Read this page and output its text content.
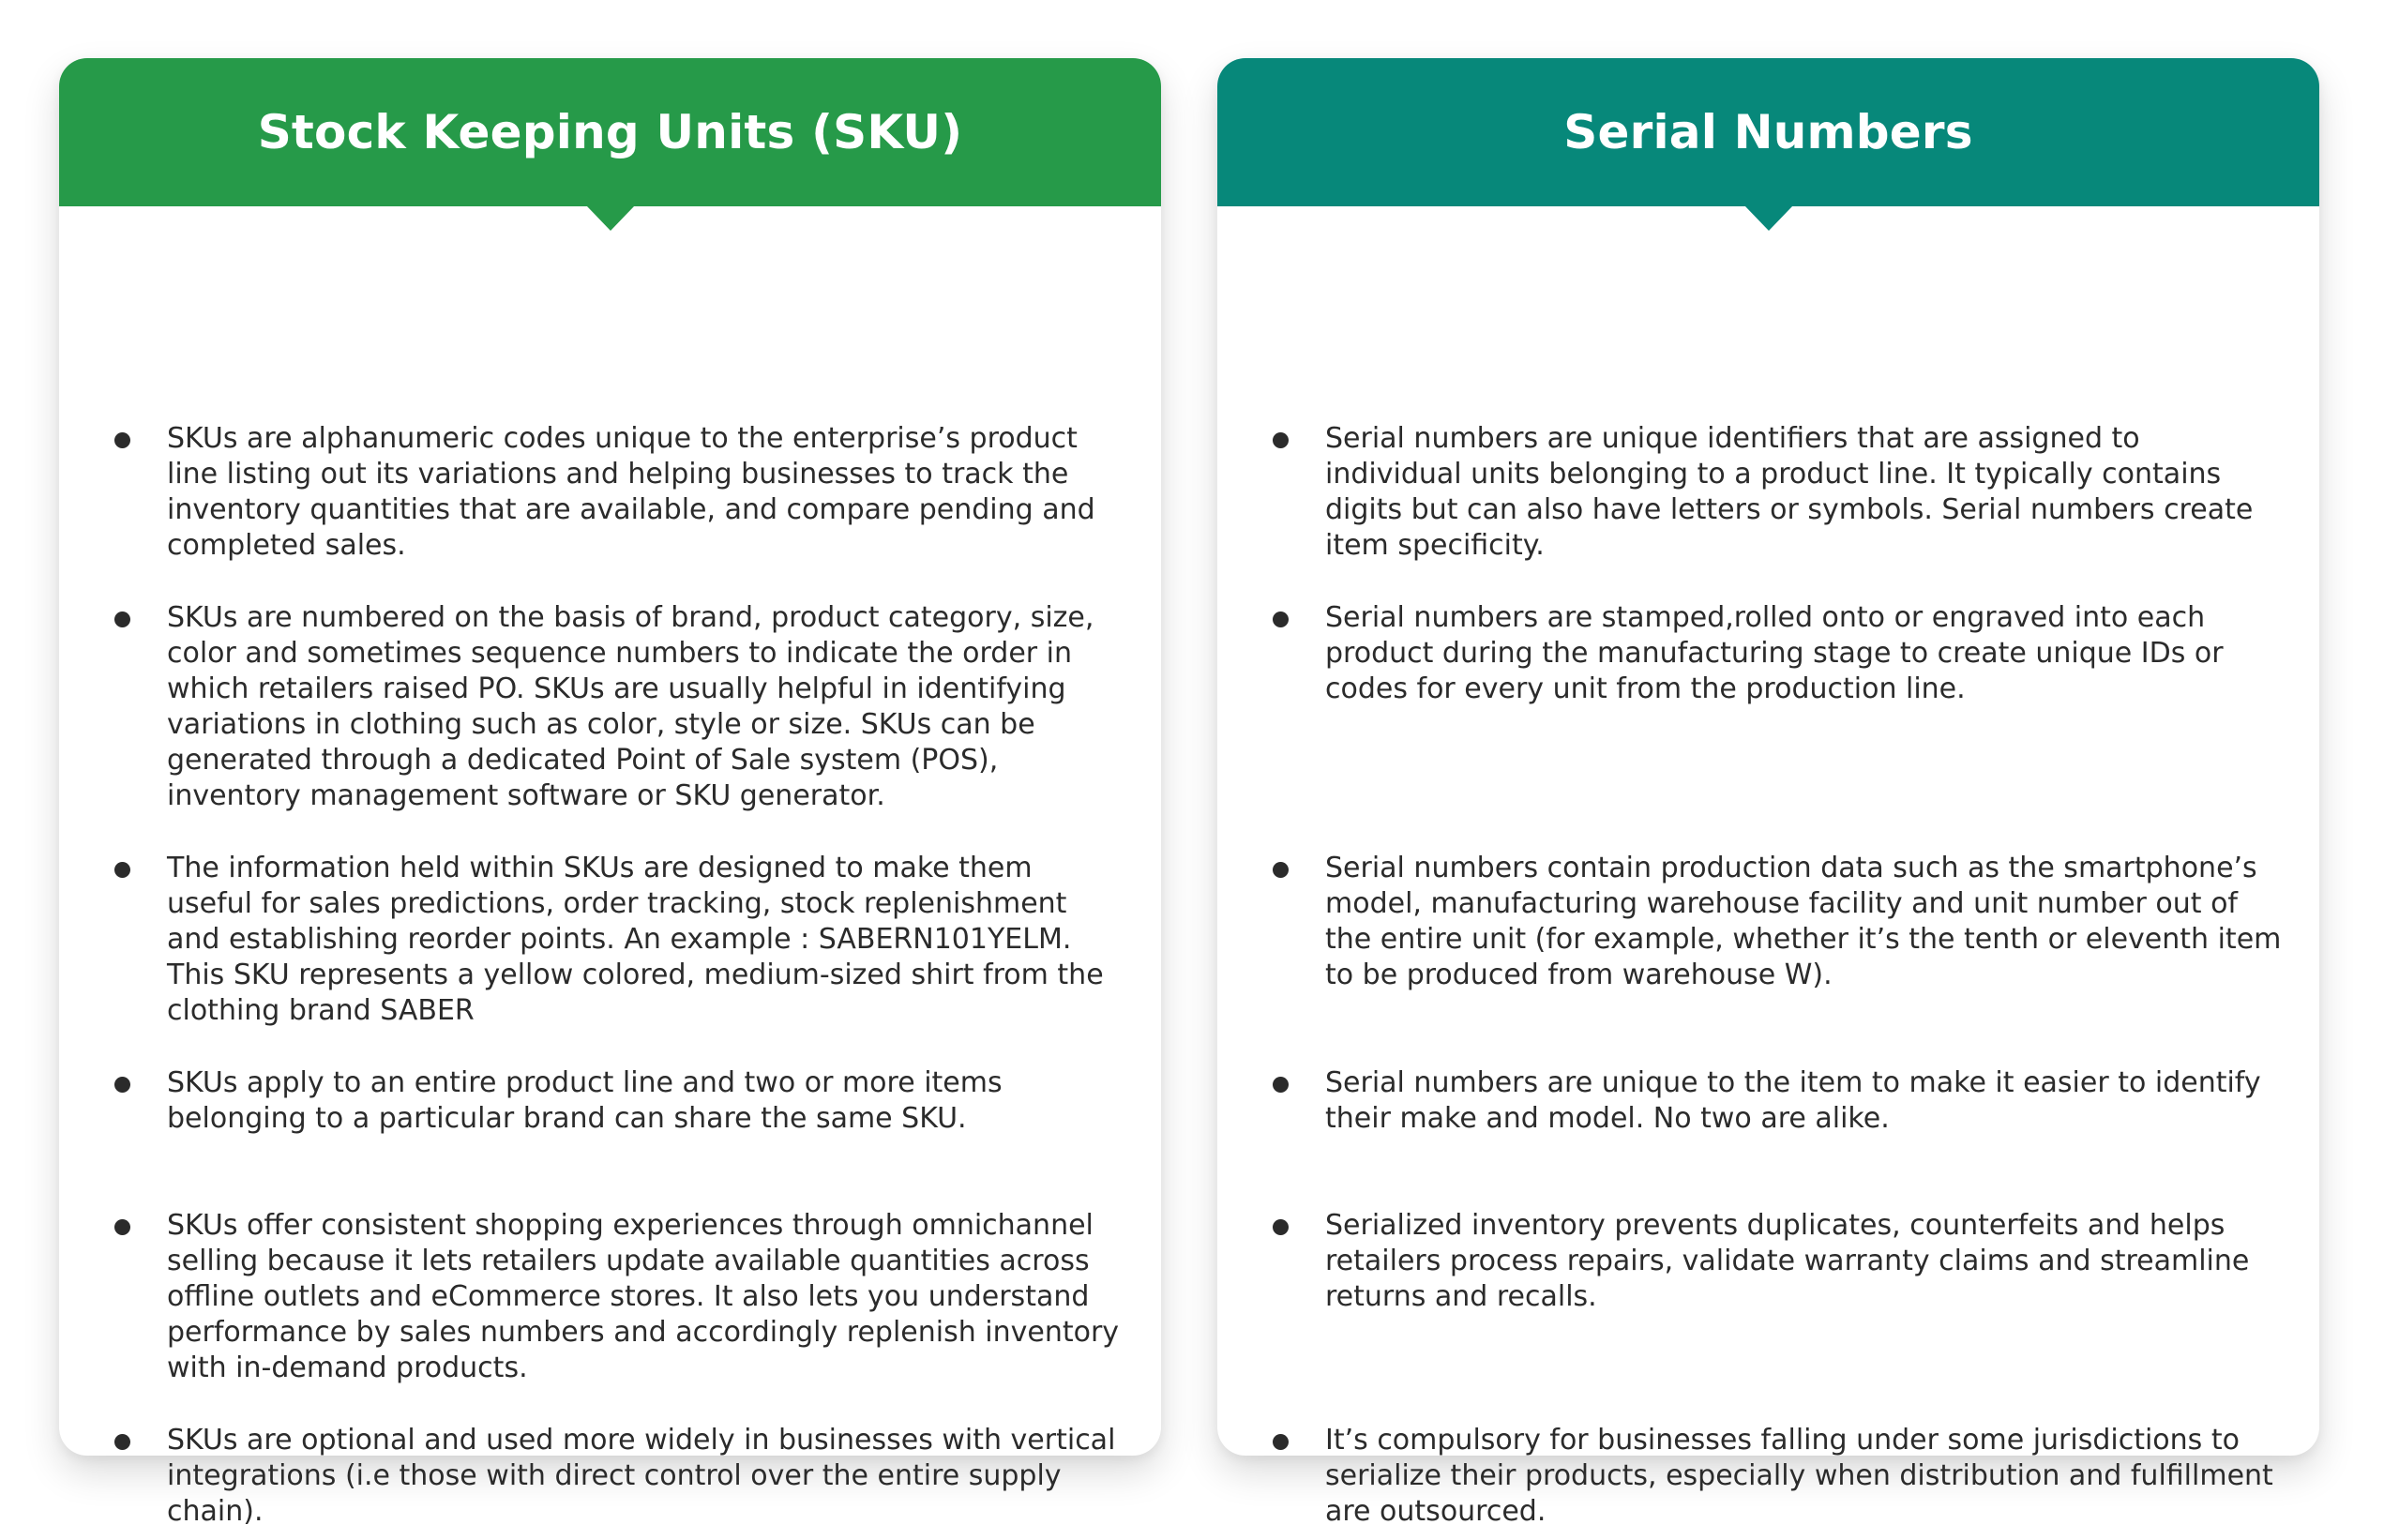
Stock Keeping Units (SKU)
SKUs are alphanumeric codes unique to the enterprise’s product line listing out its variations and helping businesses to track the inventory quantities that are available, and compare pending and completed sales.
SKUs are numbered on the basis of brand, product category, size, color and sometimes sequence numbers to indicate the order in which retailers raised PO. SKUs are usually helpful in identifying variations in clothing such as color, style or size. SKUs can be generated through a dedicated Point of Sale system (POS), inventory management software or SKU generator.
The information held within SKUs are designed to make them useful for sales predictions, order tracking, stock replenishment and establishing reorder points. An example : SABERN101YELM. This SKU represents a yellow colored, medium-sized shirt from the clothing brand SABER
SKUs apply to an entire product line and two or more items belonging to a particular brand can share the same SKU.
SKUs offer consistent shopping experiences through omnichannel selling because it lets retailers update available quantities across offline outlets and eCommerce stores. It also lets you understand performance by sales numbers and accordingly replenish inventory with in-demand products.
SKUs are optional and used more widely in businesses with vertical integrations (i.e those with direct control over the entire supply chain).
Serial Numbers
Serial numbers are unique identifiers that are assigned to individual units belonging to a product line. It typically contains digits but can also have letters or symbols. Serial numbers create item specificity.
Serial numbers are stamped,rolled onto or engraved into each product during the manufacturing stage to create unique IDs or codes for every unit from the production line.
Serial numbers contain production data such as the smartphone’s model, manufacturing warehouse facility and unit number out of the entire unit (for example, whether it’s the tenth or eleventh item to be produced from warehouse W).
Serial numbers are unique to the item to make it easier to identify their make and model. No two are alike.
Serialized inventory prevents duplicates, counterfeits and helps retailers process repairs, validate warranty claims and streamline returns and recalls.
It’s compulsory for businesses falling under some jurisdictions to serialize their products, especially when distribution and fulfillment are outsourced.
